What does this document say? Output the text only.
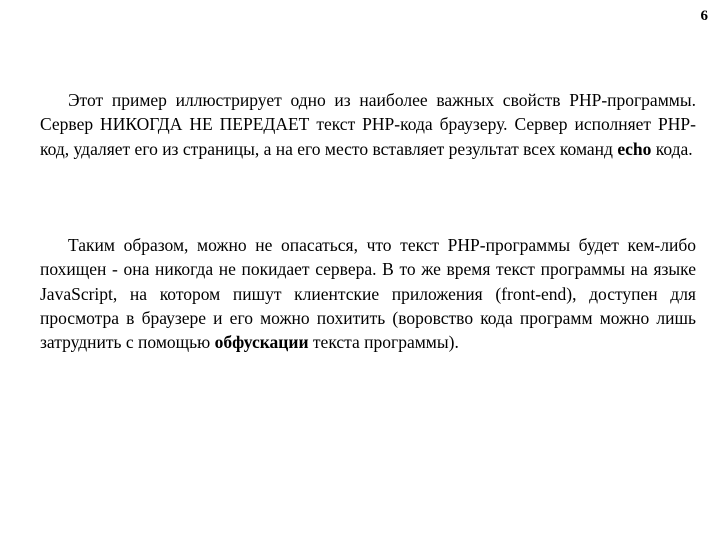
6

Этот пример иллюстрирует одно из наиболее важных свойств PHP-программы. Сервер НИКОГДА НЕ ПЕРЕДАЕТ текст PHP-кода браузеру. Сервер исполняет PHP-код, удаляет его из страницы, а на его место вставляет результат всех команд echo кода.

Таким образом, можно не опасаться, что текст PHP-программы будет кем-либо похищен - она никогда не покидает сервера. В то же время текст программы на языке JavaScript, на котором пишут клиентские приложения (front-end), доступен для просмотра в браузере и его можно похитить (воровство кода программ можно лишь затруднить с помощью обфускации текста программы).
